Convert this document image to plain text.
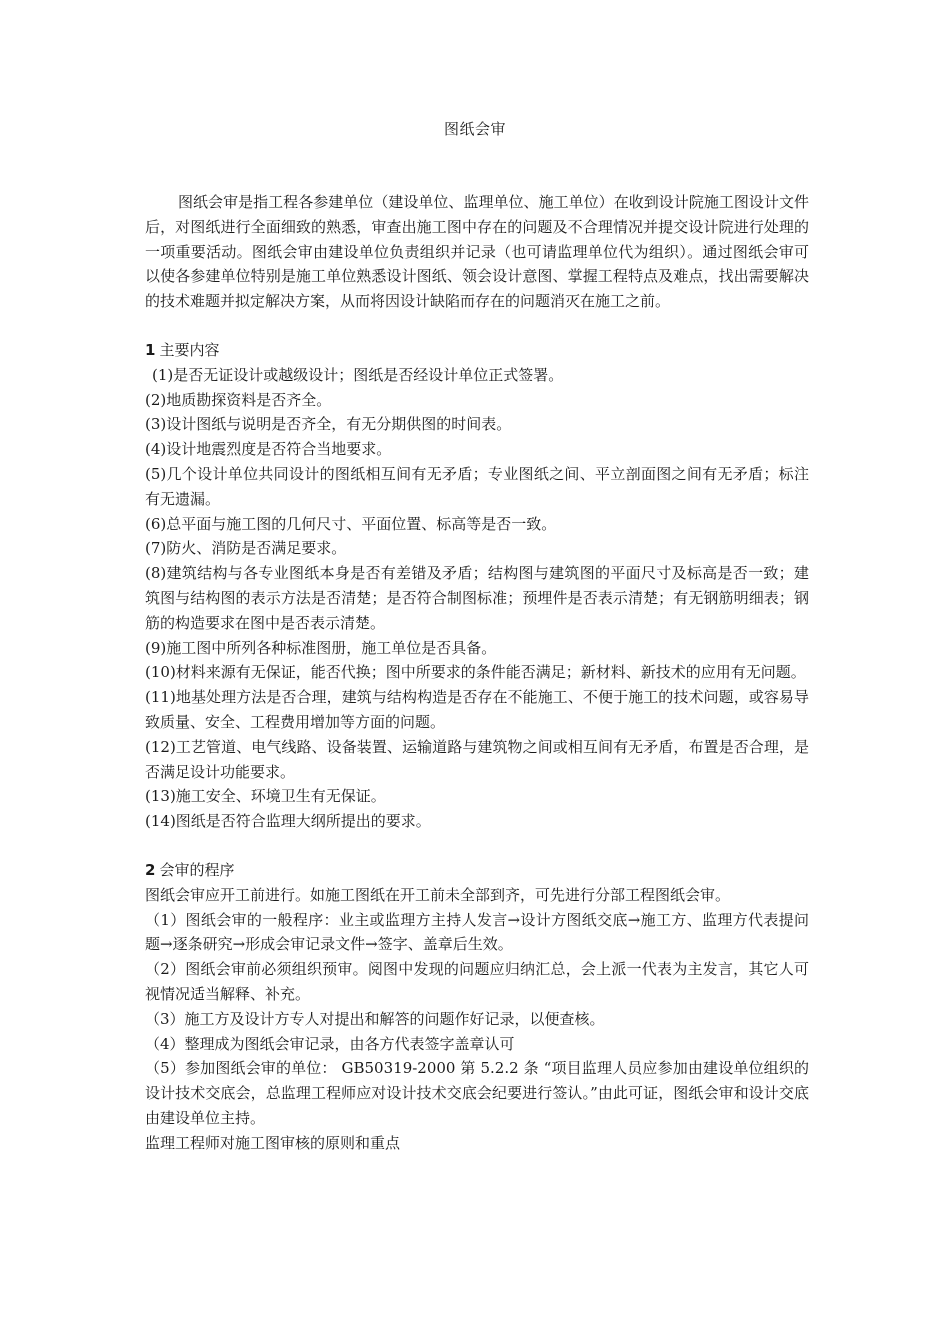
图纸会审

图纸会审是指工程各参建单位（建设单位、监理单位、施工单位）在收到设计院施工图设计文件后，对图纸进行全面细致的熟悉，审查出施工图中存在的问题及不合理情况并提交设计院进行处理的一项重要活动。图纸会审由建设单位负责组织并记录（也可请监理单位代为组织）。通过图纸会审可以使各参建单位特别是施工单位熟悉设计图纸、领会设计意图、掌握工程特点及难点，找出需要解决的技术难题并拟定解决方案，从而将因设计缺陷而存在的问题消灭在施工之前。

1 主要内容

(1)是否无证设计或越级设计；图纸是否经设计单位正式签署。

(2)地质勘探资料是否齐全。

(3)设计图纸与说明是否齐全，有无分期供图的时间表。

(4)设计地震烈度是否符合当地要求。

(5)几个设计单位共同设计的图纸相互间有无矛盾；专业图纸之间、平立剖面图之间有无矛盾；标注有无遗漏。

(6)总平面与施工图的几何尺寸、平面位置、标高等是否一致。

(7)防火、消防是否满足要求。

(8)建筑结构与各专业图纸本身是否有差错及矛盾；结构图与建筑图的平面尺寸及标高是否一致；建筑图与结构图的表示方法是否清楚；是否符合制图标准；预埋件是否表示清楚；有无钢筋明细表；钢筋的构造要求在图中是否表示清楚。

(9)施工图中所列各种标准图册，施工单位是否具备。

(10)材料来源有无保证，能否代换；图中所要求的条件能否满足；新材料、新技术的应用有无问题。

(11)地基处理方法是否合理，建筑与结构构造是否存在不能施工、不便于施工的技术问题，或容易导致质量、安全、工程费用增加等方面的问题。

(12)工艺管道、电气线路、设备装置、运输道路与建筑物之间或相互间有无矛盾，布置是否合理，是否满足设计功能要求。

(13)施工安全、环境卫生有无保证。

(14)图纸是否符合监理大纲所提出的要求。

2 会审的程序

图纸会审应开工前进行。如施工图纸在开工前未全部到齐，可先进行分部工程图纸会审。

（1）图纸会审的一般程序：业主或监理方主持人发言→设计方图纸交底→施工方、监理方代表提问题→逐条研究→形成会审记录文件→签字、盖章后生效。

（2）图纸会审前必须组织预审。阅图中发现的问题应归纳汇总，会上派一代表为主发言，其它人可视情况适当解释、补充。

（3）施工方及设计方专人对提出和解答的问题作好记录，以便查核。

（4）整理成为图纸会审记录，由各方代表签字盖章认可

（5）参加图纸会审的单位： GB50319-2000 第 5.2.2 条 “项目监理人员应参加由建设单位组织的设计技术交底会，总监理工程师应对设计技术交底会纪要进行签认。”由此可证，图纸会审和设计交底由建设单位主持。

监理工程师对施工图审核的原则和重点
